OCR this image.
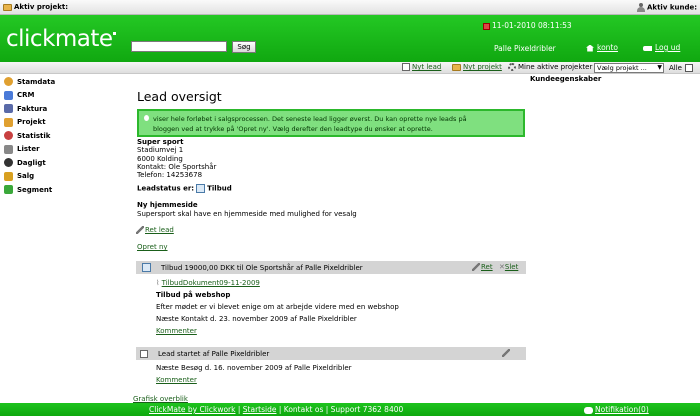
Aktiv projekt:	Aktiv kunde:
clickmate	Søg
11-01-2010 08:11:53
Palle Pixeldribler	konto	Log ud
Nyt lead	Nyt projekt	Mine aktive projekter Vælg projekt ... ▼ Alle
Stamdata
CRM
Faktura
Projekt
Statistik
Lister
Dagligt
Salg
Segment
Kundeegenskaber
Lead oversigt
viser hele forløbet i salgsprocessen. Det seneste lead ligger øverst. Du kan oprette nye leads på
bloggen ved at trykke på 'Opret ny'. Vælg derefter den leadtype du ønsker at oprette.
Super sport
Stadiumvej 1
6000 Kolding
Kontakt: Ole Sportshår
Telefon: 14253678
Leadstatus er: Tilbud
Ny hjemmeside
Supersport skal have en hjemmeside med mulighed for vesalg
Ret lead
Opret ny
Tilbud 19000,00 DKK til Ole Sportshår af Palle Pixeldribler	Ret ✕Slet
⌇ TilbudDokument09-11-2009
Tilbud på webshop
Efter mødet er vi blevet enige om at arbejde videre med en webshop
Næste Kontakt d. 23. november 2009 af Palle Pixeldribler
Kommenter
Lead startet af Palle Pixeldribler
Næste Besøg d. 16. november 2009 af Palle Pixeldribler
Kommenter
Grafisk overblik
ClickMate by Clickwork | Startside | Kontakt os | Support 7362 8400	Notifikation(0)
